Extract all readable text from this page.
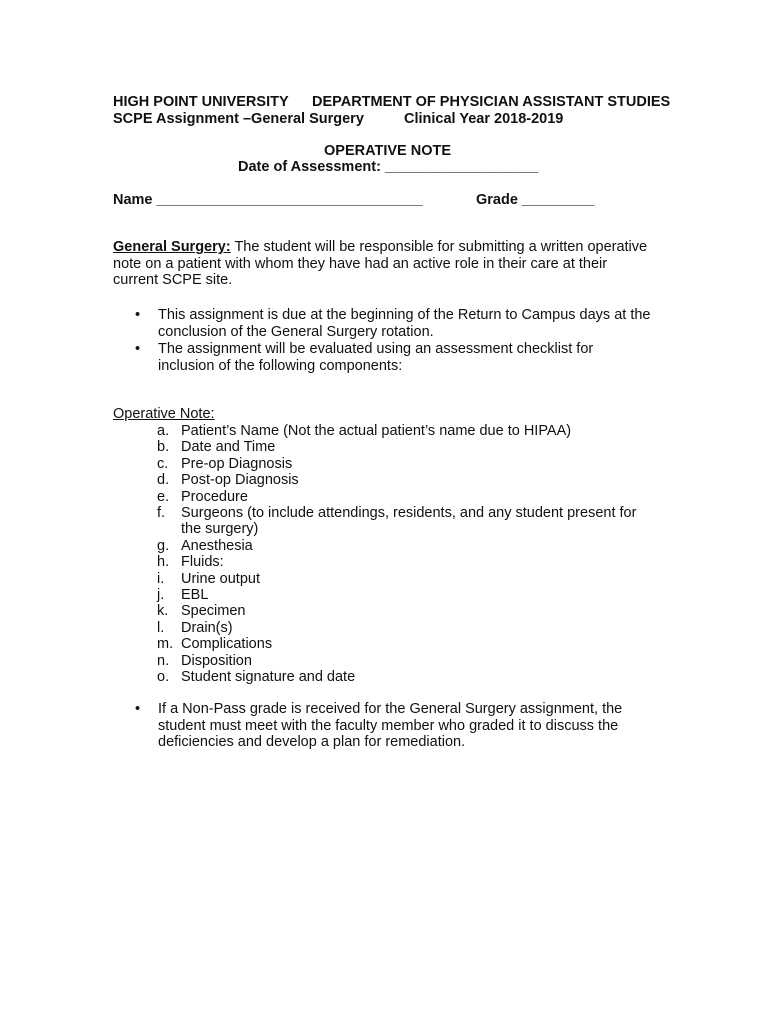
HIGH POINT UNIVERSITY DEPARTMENT OF PHYSICIAN ASSISTANT STUDIES
SCPE Assignment –General Surgery	Clinical Year 2018-2019
OPERATIVE NOTE
Date of Assessment: ___________________
Name _________________________________	Grade _________
General Surgery: The student will be responsible for submitting a written operative note on a patient with whom they have had an active role in their care at their current SCPE site.
• This assignment is due at the beginning of the Return to Campus days at the conclusion of the General Surgery rotation.
• The assignment will be evaluated using an assessment checklist for inclusion of the following components:
Operative Note:
a. Patient’s Name (Not the actual patient’s name due to HIPAA)
b. Date and Time
c. Pre-op Diagnosis
d. Post-op Diagnosis
e. Procedure
f. Surgeons (to include attendings, residents, and any student present for the surgery)
g. Anesthesia
h. Fluids:
i. Urine output
j. EBL
k. Specimen
l. Drain(s)
m. Complications
n. Disposition
o. Student signature and date
• If a Non-Pass grade is received for the General Surgery assignment, the student must meet with the faculty member who graded it to discuss the deficiencies and develop a plan for remediation.
